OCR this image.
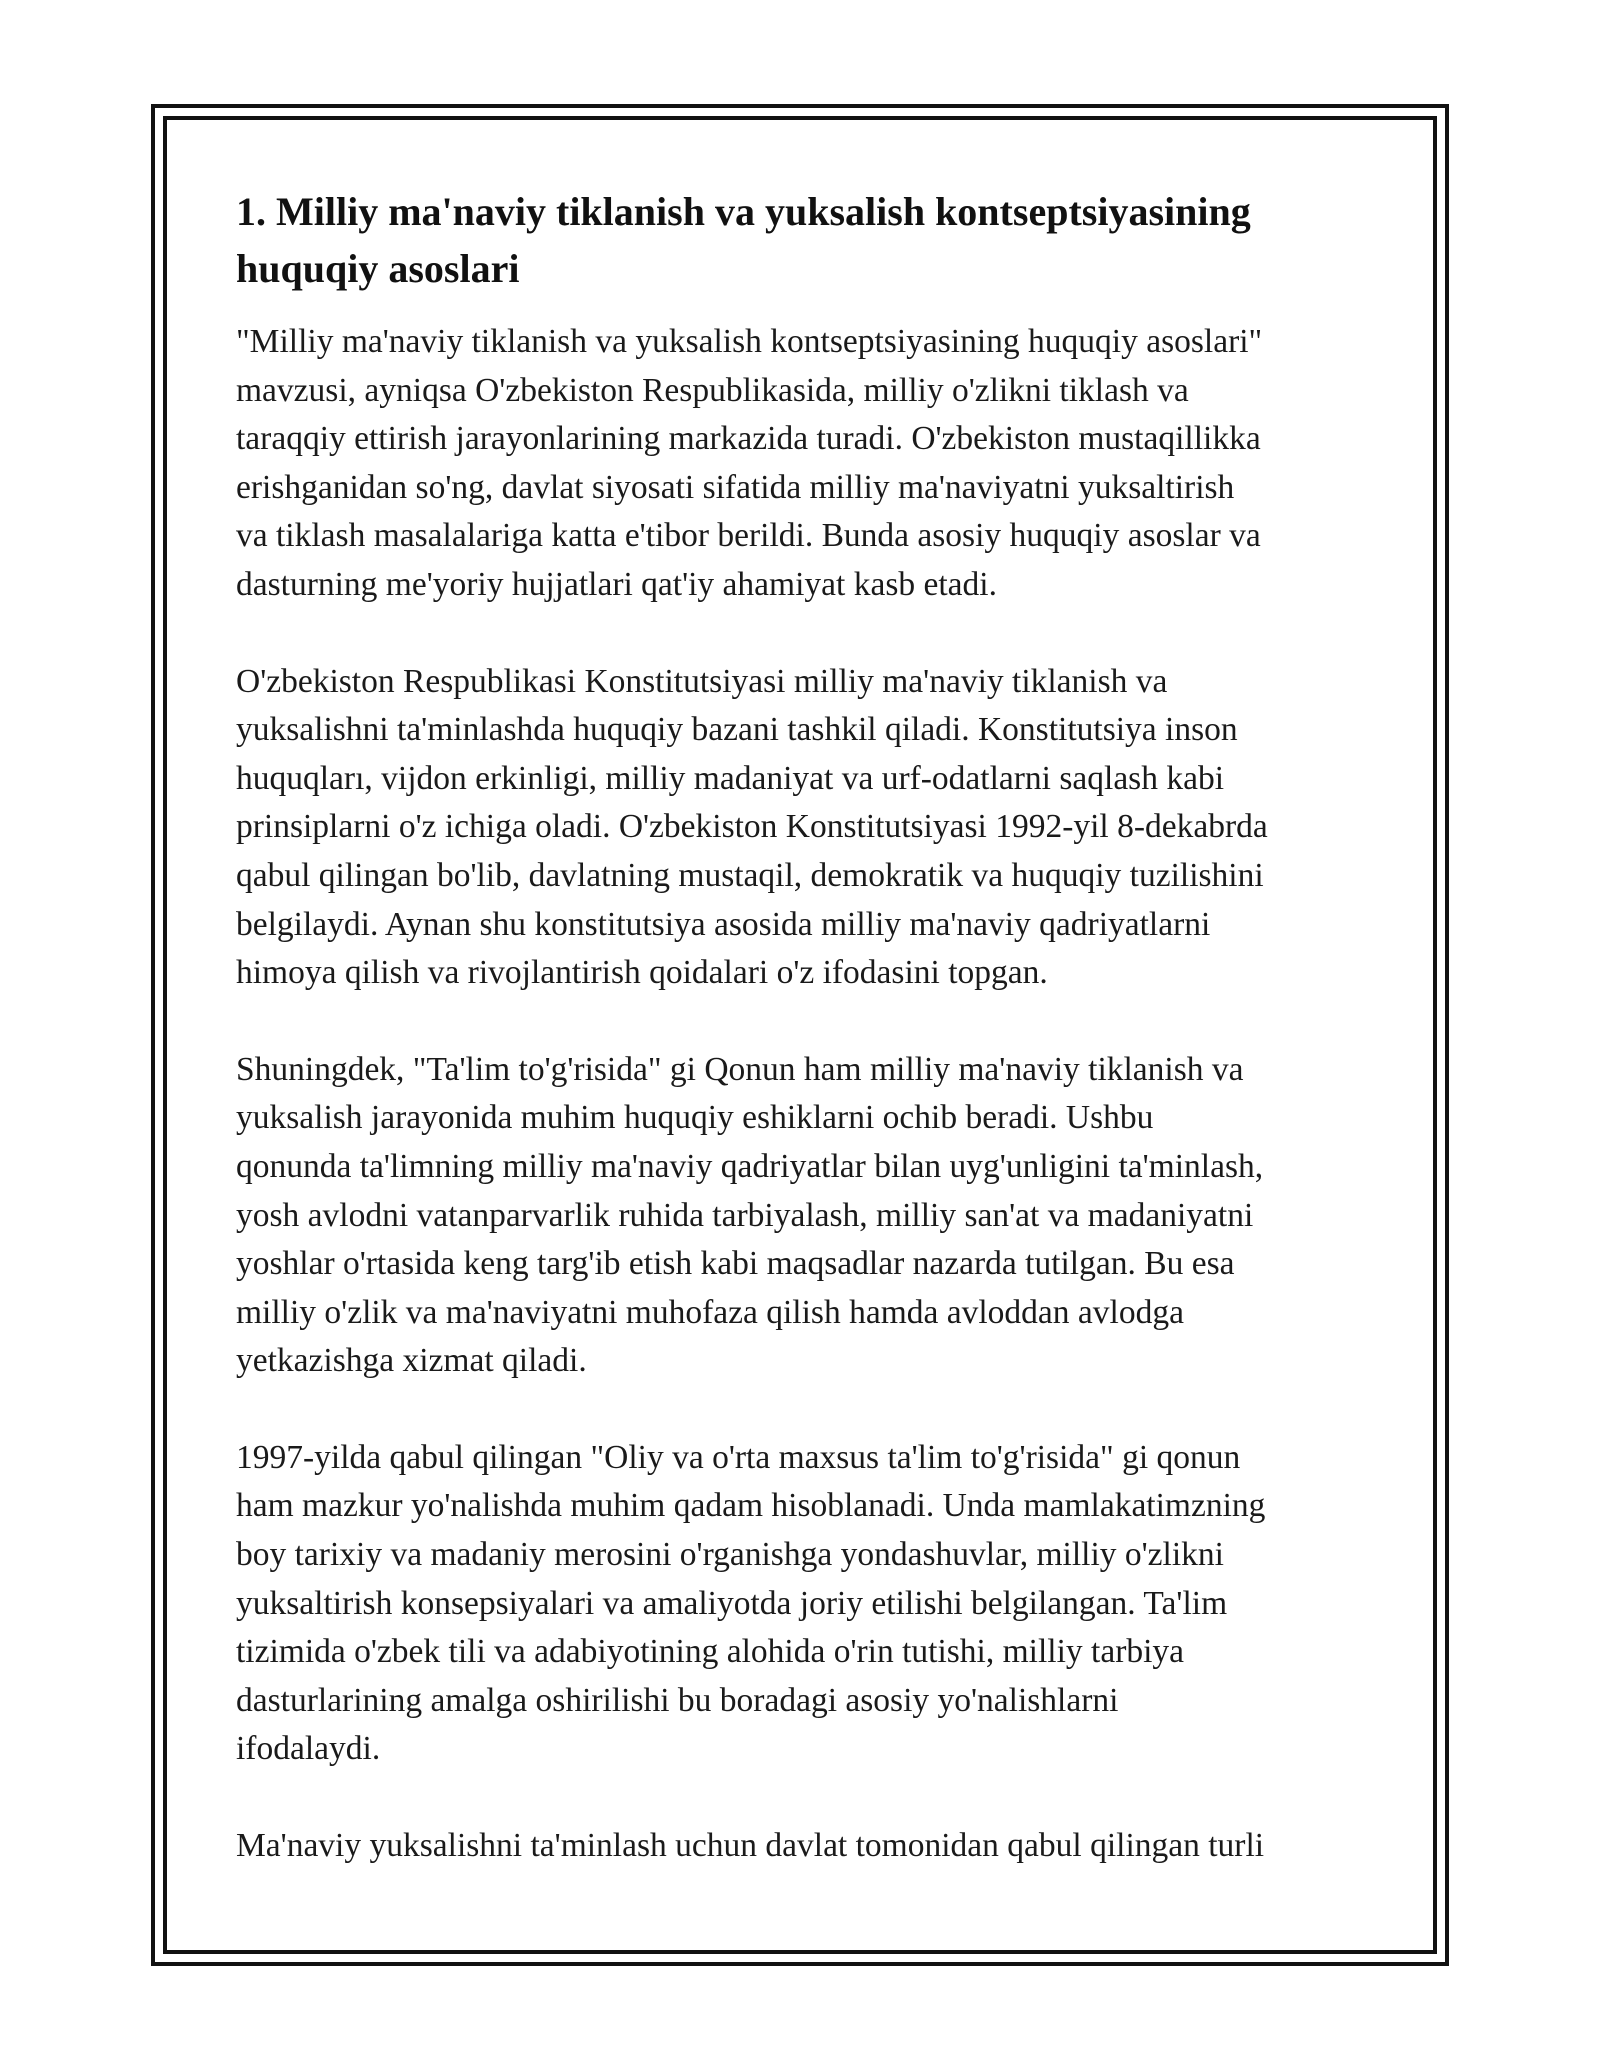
1. Milliy ma'naviy tiklanish va yuksalish kontseptsiyasining
huquqiy asoslari

"Milliy ma'naviy tiklanish va yuksalish kontseptsiyasining huquqiy asoslari"
mavzusi, ayniqsa O'zbekiston Respublikasida, milliy o'zlikni tiklash va
taraqqiy ettirish jarayonlarining markazida turadi. O'zbekiston mustaqillikka
erishganidan so'ng, davlat siyosati sifatida milliy ma'naviyatni yuksaltirish
va tiklash masalalariga katta e'tibor berildi. Bunda asosiy huquqiy asoslar va
dasturning me'yoriy hujjatlari qat'iy ahamiyat kasb etadi.

O'zbekiston Respublikasi Konstitutsiyasi milliy ma'naviy tiklanish va
yuksalishni ta'minlashda huquqiy bazani tashkil qiladi. Konstitutsiya inson
huquqları, vijdon erkinligi, milliy madaniyat va urf-odatlarni saqlash kabi
prinsiplarni o'z ichiga oladi. O'zbekiston Konstitutsiyasi 1992-yil 8-dekabrda
qabul qilingan bo'lib, davlatning mustaqil, demokratik va huquqiy tuzilishini
belgilaydi. Aynan shu konstitutsiya asosida milliy ma'naviy qadriyatlarni
himoya qilish va rivojlantirish qoidalari o'z ifodasini topgan.

Shuningdek, "Ta'lim to'g'risida" gi Qonun ham milliy ma'naviy tiklanish va
yuksalish jarayonida muhim huquqiy eshiklarni ochib beradi. Ushbu
qonunda ta'limning milliy ma'naviy qadriyatlar bilan uyg'unligini ta'minlash,
yosh avlodni vatanparvarlik ruhida tarbiyalash, milliy san'at va madaniyatni
yoshlar o'rtasida keng targ'ib etish kabi maqsadlar nazarda tutilgan. Bu esa
milliy o'zlik va ma'naviyatni muhofaza qilish hamda avloddan avlodga
yetkazishga xizmat qiladi.

1997-yilda qabul qilingan "Oliy va o'rta maxsus ta'lim to'g'risida" gi qonun
ham mazkur yo'nalishda muhim qadam hisoblanadi. Unda mamlakatimzning
boy tarixiy va madaniy merosini o'rganishga yondashuvlar, milliy o'zlikni
yuksaltirish konsepsiyalari va amaliyotda joriy etilishi belgilangan. Ta'lim
tizimida o'zbek tili va adabiyotining alohida o'rin tutishi, milliy tarbiya
dasturlarining amalga oshirilishi bu boradagi asosiy yo'nalishlarni
ifodalaydi.

Ma'naviy yuksalishni ta'minlash uchun davlat tomonidan qabul qilingan turli
